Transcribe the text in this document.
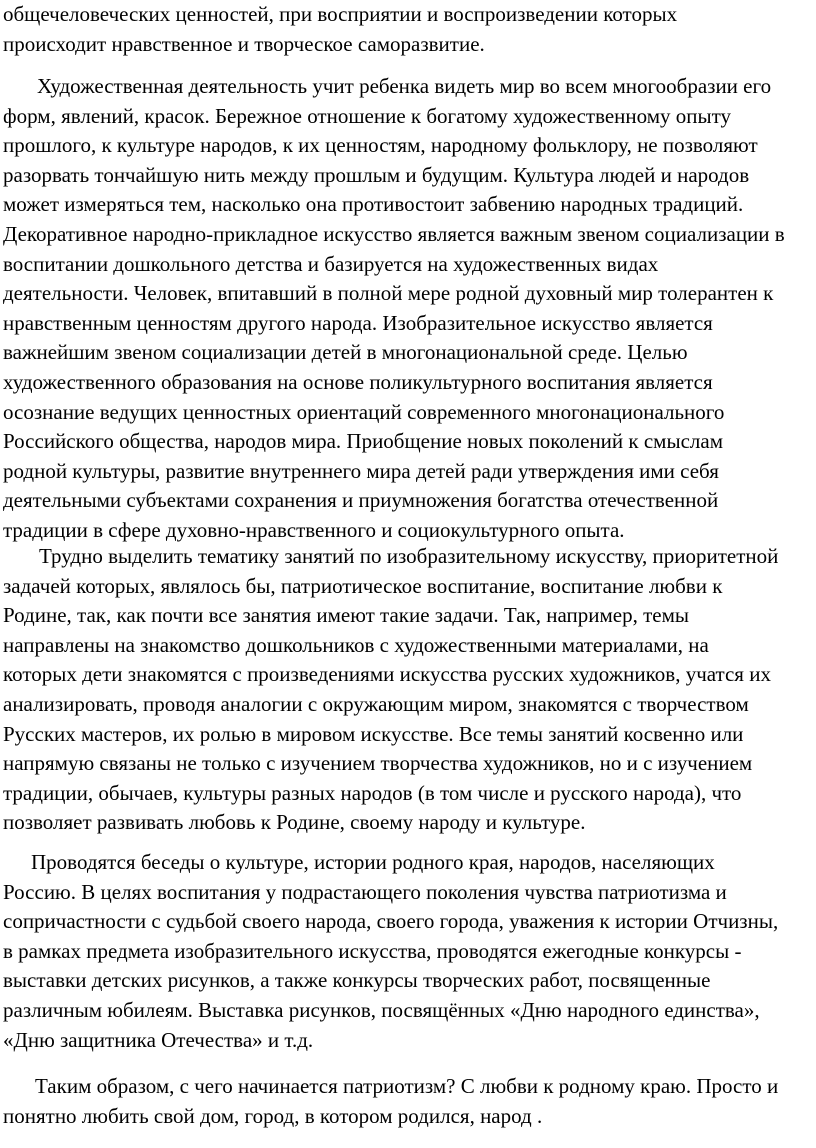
общечеловеческих ценностей, при восприятии и воспроизведении которых
происходит нравственное и творческое саморазвитие.
Художественная деятельность учит ребенка видеть мир во всем многообразии его
форм, явлений, красок. Бережное отношение к богатому художественному опыту
прошлого, к культуре народов, к их ценностям, народному фольклору, не позволяют
разорвать тончайшую нить между прошлым и будущим. Культура людей и народов
может измеряться тем, насколько она противостоит забвению народных традиций.
Декоративное народно-прикладное искусство является важным звеном социализации в
воспитании дошкольного детства и базируется на художественных видах
деятельности. Человек, впитавший в полной мере родной духовный мир толерантен к
нравственным ценностям другого народа. Изобразительное искусство является
важнейшим звеном социализации детей в многонациональной среде. Целью
художественного образования на основе поликультурного воспитания является
осознание ведущих ценностных ориентаций современного многонационального
Российского общества, народов мира. Приобщение новых поколений к смыслам
родной культуры, развитие внутреннего мира детей ради утверждения ими себя
деятельными субъектами сохранения и приумножения богатства отечественной
традиции в сфере духовно-нравственного и социокультурного опыта.
Трудно выделить тематику занятий по изобразительному искусству, приоритетной
задачей которых, являлось бы, патриотическое воспитание, воспитание любви к
Родине, так, как почти все занятия имеют такие задачи. Так, например, темы
направлены на знакомство дошкольников с художественными материалами, на
которых дети знакомятся с произведениями искусства русских художников, учатся их
анализировать, проводя аналогии с окружающим миром, знакомятся с творчеством
Русских мастеров, их ролью в мировом искусстве. Все темы занятий косвенно или
напрямую связаны не только с изучением творчества художников, но и с изучением
традиции, обычаев, культуры разных народов (в том числе и русского народа), что
позволяет развивать любовь к Родине, своему народу и культуре.
Проводятся беседы о культуре, истории родного края, народов, населяющих
Россию. В целях воспитания у подрастающего поколения чувства патриотизма и
сопричастности с судьбой своего народа, своего города, уважения к истории Отчизны,
в рамках предмета изобразительного искусства, проводятся ежегодные конкурсы -
выставки детских рисунков, а также конкурсы творческих работ, посвященные
различным юбилеям. Выставка рисунков, посвящённых «Дню народного единства»,
«Дню защитника Отечества» и т.д.
Таким образом, с чего начинается патриотизм? С любви к родному краю. Просто и
понятно любить свой дом, город, в котором родился, народ .
